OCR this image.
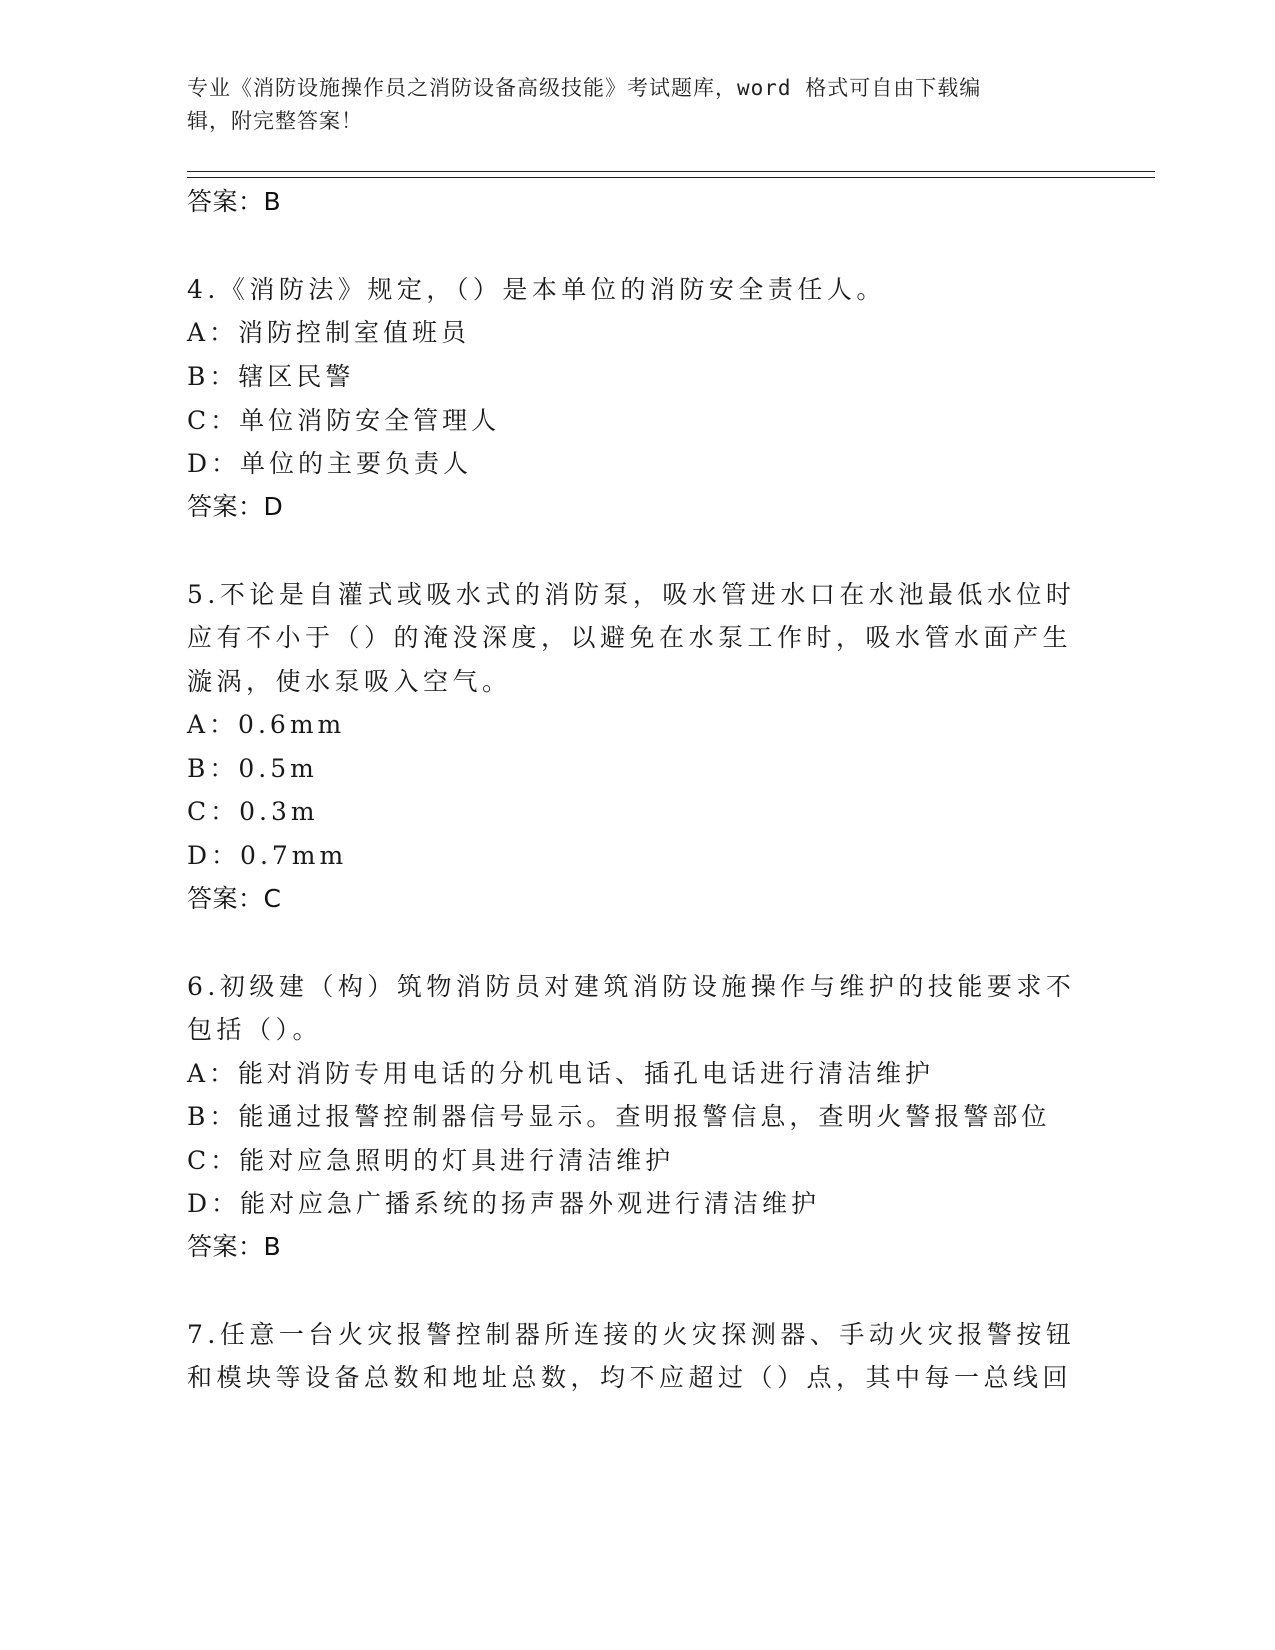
专业《消防设施操作员之消防设备高级技能》考试题库，word 格式可自由下载编
辑，附完整答案！
答案：B
4.《消防法》规定，（）是本单位的消防安全责任人。
A：消防控制室值班员
B：辖区民警
C：单位消防安全管理人
D：单位的主要负责人
答案：D
5.不论是自灌式或吸水式的消防泵，吸水管进水口在水池最低水位时
应有不小于（）的淹没深度，以避免在水泵工作时，吸水管水面产生
漩涡，使水泵吸入空气。
A：0.6mm
B：0.5m
C：0.3m
D：0.7mm
答案：C
6.初级建（构）筑物消防员对建筑消防设施操作与维护的技能要求不
包括（）。
A：能对消防专用电话的分机电话、插孔电话进行清洁维护
B：能通过报警控制器信号显示。查明报警信息，查明火警报警部位
C：能对应急照明的灯具进行清洁维护
D：能对应急广播系统的扬声器外观进行清洁维护
答案：B
7.任意一台火灾报警控制器所连接的火灾探测器、手动火灾报警按钮
和模块等设备总数和地址总数，均不应超过（）点，其中每一总线回
